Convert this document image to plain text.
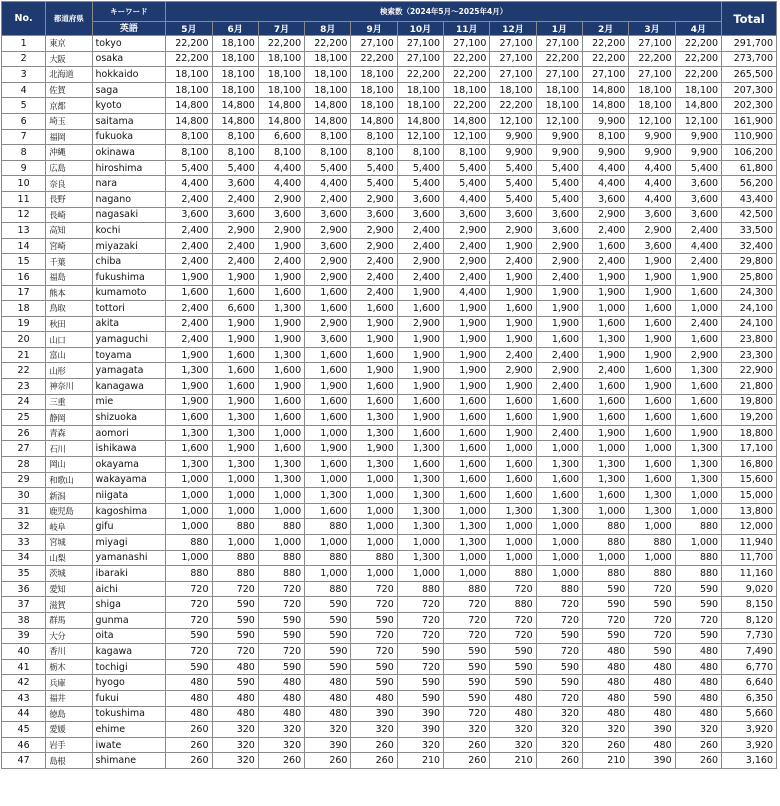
No.	都道府県	キーワード	検索数（2024年5月～2025年4月）												Total
		英語	5月	6月	7月	8月	9月	10月	11月	12月	1月	2月	3月	4月	
1	東京	tokyo	22,200	18,100	22,200	22,200	27,100	27,100	27,100	27,100	27,100	22,200	27,100	22,200	291,700
2	大阪	osaka	22,200	18,100	18,100	18,100	22,200	27,100	22,200	27,100	22,200	22,200	22,200	22,200	273,700
3	北海道	hokkaido	18,100	18,100	18,100	18,100	18,100	22,200	22,200	27,100	27,100	27,100	27,100	22,200	265,500
4	佐賀	saga	18,100	18,100	18,100	18,100	18,100	18,100	18,100	18,100	18,100	14,800	18,100	18,100	207,300
5	京都	kyoto	14,800	14,800	14,800	14,800	18,100	18,100	22,200	22,200	18,100	14,800	18,100	14,800	202,300
6	埼玉	saitama	14,800	14,800	14,800	14,800	14,800	14,800	14,800	12,100	12,100	9,900	12,100	12,100	161,900
7	福岡	fukuoka	8,100	8,100	6,600	8,100	8,100	12,100	12,100	9,900	9,900	8,100	9,900	9,900	110,900
8	沖縄	okinawa	8,100	8,100	8,100	8,100	8,100	8,100	8,100	9,900	9,900	9,900	9,900	9,900	106,200
9	広島	hiroshima	5,400	5,400	4,400	5,400	5,400	5,400	5,400	5,400	5,400	4,400	4,400	5,400	61,800
10	奈良	nara	4,400	3,600	4,400	4,400	5,400	5,400	5,400	5,400	5,400	4,400	4,400	3,600	56,200
11	長野	nagano	2,400	2,400	2,900	2,400	2,900	3,600	4,400	5,400	5,400	3,600	4,400	3,600	43,400
12	長崎	nagasaki	3,600	3,600	3,600	3,600	3,600	3,600	3,600	3,600	3,600	2,900	3,600	3,600	42,500
13	高知	kochi	2,400	2,900	2,900	2,900	2,900	2,400	2,900	2,900	3,600	2,400	2,900	2,400	33,500
14	宮崎	miyazaki	2,400	2,400	1,900	3,600	2,900	2,400	2,400	1,900	2,900	1,600	3,600	4,400	32,400
15	千葉	chiba	2,400	2,400	2,400	2,900	2,400	2,900	2,900	2,400	2,900	2,400	1,900	2,400	29,800
16	福島	fukushima	1,900	1,900	1,900	2,900	2,400	2,400	2,400	1,900	2,400	1,900	1,900	1,900	25,800
17	熊本	kumamoto	1,600	1,600	1,600	1,600	2,400	1,900	4,400	1,900	1,900	1,900	1,900	1,600	24,300
18	鳥取	tottori	2,400	6,600	1,300	1,600	1,600	1,600	1,900	1,600	1,900	1,000	1,600	1,000	24,100
19	秋田	akita	2,400	1,900	1,900	2,900	1,900	2,900	1,900	1,900	1,900	1,600	1,600	2,400	24,100
20	山口	yamaguchi	2,400	1,900	1,900	3,600	1,900	1,900	1,900	1,900	1,600	1,300	1,900	1,600	23,800
21	富山	toyama	1,900	1,600	1,300	1,600	1,600	1,900	1,900	2,400	2,400	1,900	1,900	2,900	23,300
22	山形	yamagata	1,300	1,600	1,600	1,600	1,900	1,900	1,900	2,900	2,900	2,400	1,600	1,300	22,900
23	神奈川	kanagawa	1,900	1,600	1,900	1,900	1,600	1,900	1,900	1,900	2,400	1,600	1,900	1,600	21,800
24	三重	mie	1,900	1,900	1,600	1,600	1,600	1,600	1,600	1,600	1,600	1,600	1,600	1,600	19,800
25	静岡	shizuoka	1,600	1,300	1,600	1,600	1,300	1,900	1,600	1,600	1,900	1,600	1,600	1,600	19,200
26	青森	aomori	1,300	1,300	1,000	1,000	1,300	1,600	1,600	1,900	2,400	1,900	1,600	1,900	18,800
27	石川	ishikawa	1,600	1,900	1,600	1,900	1,900	1,300	1,600	1,000	1,000	1,000	1,000	1,300	17,100
28	岡山	okayama	1,300	1,300	1,300	1,600	1,300	1,600	1,600	1,600	1,300	1,300	1,600	1,300	16,800
29	和歌山	wakayama	1,000	1,000	1,300	1,000	1,000	1,300	1,600	1,600	1,600	1,300	1,600	1,300	15,600
30	新潟	niigata	1,000	1,000	1,000	1,300	1,000	1,300	1,600	1,600	1,600	1,600	1,300	1,000	15,000
31	鹿児島	kagoshima	1,000	1,000	1,000	1,600	1,000	1,300	1,000	1,300	1,300	1,000	1,300	1,000	13,800
32	岐阜	gifu	1,000	880	880	880	1,000	1,300	1,300	1,000	1,000	880	1,000	880	12,000
33	宮城	miyagi	880	1,000	1,000	1,000	1,000	1,000	1,300	1,000	1,000	880	880	1,000	11,940
34	山梨	yamanashi	1,000	880	880	880	880	1,300	1,000	1,000	1,000	1,000	1,000	880	11,700
35	茨城	ibaraki	880	880	880	1,000	1,000	1,000	1,000	880	1,000	880	880	880	11,160
36	愛知	aichi	720	720	720	880	720	880	880	720	880	590	720	590	9,020
37	滋賀	shiga	720	590	720	590	720	720	720	880	720	590	590	590	8,150
38	群馬	gunma	720	590	590	590	590	720	720	720	720	720	720	720	8,120
39	大分	oita	590	590	590	590	720	720	720	720	590	590	720	590	7,730
40	香川	kagawa	720	720	720	590	720	590	590	590	720	480	590	480	7,490
41	栃木	tochigi	590	480	590	590	590	720	590	590	590	480	480	480	6,770
42	兵庫	hyogo	480	590	480	480	590	590	590	590	590	480	480	480	6,640
43	福井	fukui	480	480	480	480	480	590	590	480	720	480	590	480	6,350
44	徳島	tokushima	480	480	480	480	390	390	720	480	320	480	480	480	5,660
45	愛媛	ehime	260	320	320	320	320	390	320	320	320	320	390	320	3,920
46	岩手	iwate	260	320	320	390	260	320	260	320	320	260	480	260	3,920
47	島根	shimane	260	320	260	260	260	210	260	210	260	210	390	260	3,160
